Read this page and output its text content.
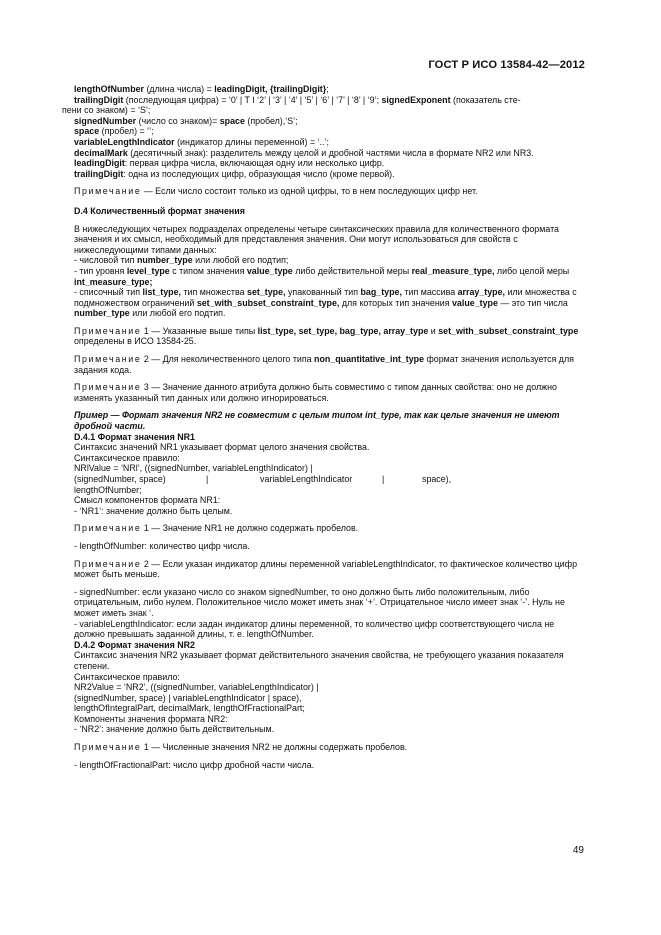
ГОСТ Р ИСО 13584-42—2012
lengthOfNumber (длина числа) = leadingDigit, {trailingDigit};
trailingDigit (последующая цифра) = ‘0’ | T I ‘2’ | ‘3’ | ‘4’ | ‘5’ | ‘6’ | ‘7’ | ‘8’ | ‘9’; signedExponent (показатель сте-
пени со знаком) = ‘S’;
signedNumber (число со знаком)= space (пробел),‘S’;
space (пробел) = ‘’;
variableLengthIndicator (индикатор длины переменной) = ‘..’;
decimalMark (десятичный знак): разделитель между целой и дробной частями числа в формате NR2 или NR3.
leadingDigit: первая цифра числа, включающая одну или несколько цифр.
trailingDigit: одна из последующих цифр, образующая число (кроме первой).
Примечание — Если число состоит только из одной цифры, то в нем последующих цифр нет.
D.4 Количественный формат значения
В нижеследующих четырех подразделах определены четыре синтаксических правила для количественного формата значения и их смысл, необходимый для представления значения. Они могут использоваться для свойств с нижеследующими типами данных:
- числовой тип number_type или любой его подтип;
- тип уровня level_type с типом значения value_type либо действительной меры real_measure_type, либо целой меры int_measure_type;
- списочный тип list_type, тип множества set_type, упакованный тип bag_type, тип массива array_type, или множества с подмножеством ограничений set_with_subset_constraint_type, для которых тип значения value_type — это тип числа number_type или любой его подтип.
Примечание 1 — Указанные выше типы list_type, set_type, bag_type, array_type и set_with_subset_constraint_type определены в ИСО 13584-25.
Примечание 2 — Для неколичественного целого типа non_quantitative_int_type формат значения используется для задания кода.
Примечание 3 — Значение данного атрибута должно быть совместимо с типом данных свойства: оно не должно изменять указанный тип данных или должно игнорироваться.
Пример — Формат значения NR2 не совместим с целым типом int_type, так как целые значения не имеют дробной части.
D.4.1 Формат значения NR1
Синтаксис значений NR1 указывает формат целого значения свойства.
Синтаксическое правило:
NRlValue = ‘NRl’, ((signedNumber, variableLengthIndicator) |
(signedNumber, space)	|	variableLengthIndicator	|	space),
lengthOfNumber;
Смысл компонентов формата NR1:
- ‘NR1’: значение должно быть целым.
Примечание 1 — Значение NR1 не должно содержать пробелов.
- lengthOfNumber: количество цифр числа.
Примечание 2 — Если указан индикатор длины переменной variableLengthIndicator, то фактическое количество цифр может быть меньше.
- signedNumber: если указано число со знаком signedNumber, то оно должно быть либо положительным, либо отрицательным, либо нулем. Положительное число может иметь знак ‘+’. Отрицательное число имеет знак ‘-’. Нуль не может иметь знак ‘.
- variableLengthIndicator: если задан индикатор длины переменной, то количество цифр соответствующего числа не должно превышать заданной длины, т. е. lengthOfNumber.
D.4.2 Формат значения NR2
Синтаксис значения NR2 указывает формат действительного значения свойства, не требующего указания показателя степени.
Синтаксическое правило:
NR2Value = ‘NR2’, ((signedNumber, variableLengthIndicator) |
(signedNumber, space) | variableLengthIndicator | space),
lengthOfIntegralPart, decimalMark, lengthOfFractionalPart;
Компоненты значения формата NR2:
- ‘NR2’: значение должно быть действительным.
Примечание 1 — Численные значения NR2 не должны содержать пробелов.
- lengthOfFractionalPart: число цифр дробной части числа.
49
